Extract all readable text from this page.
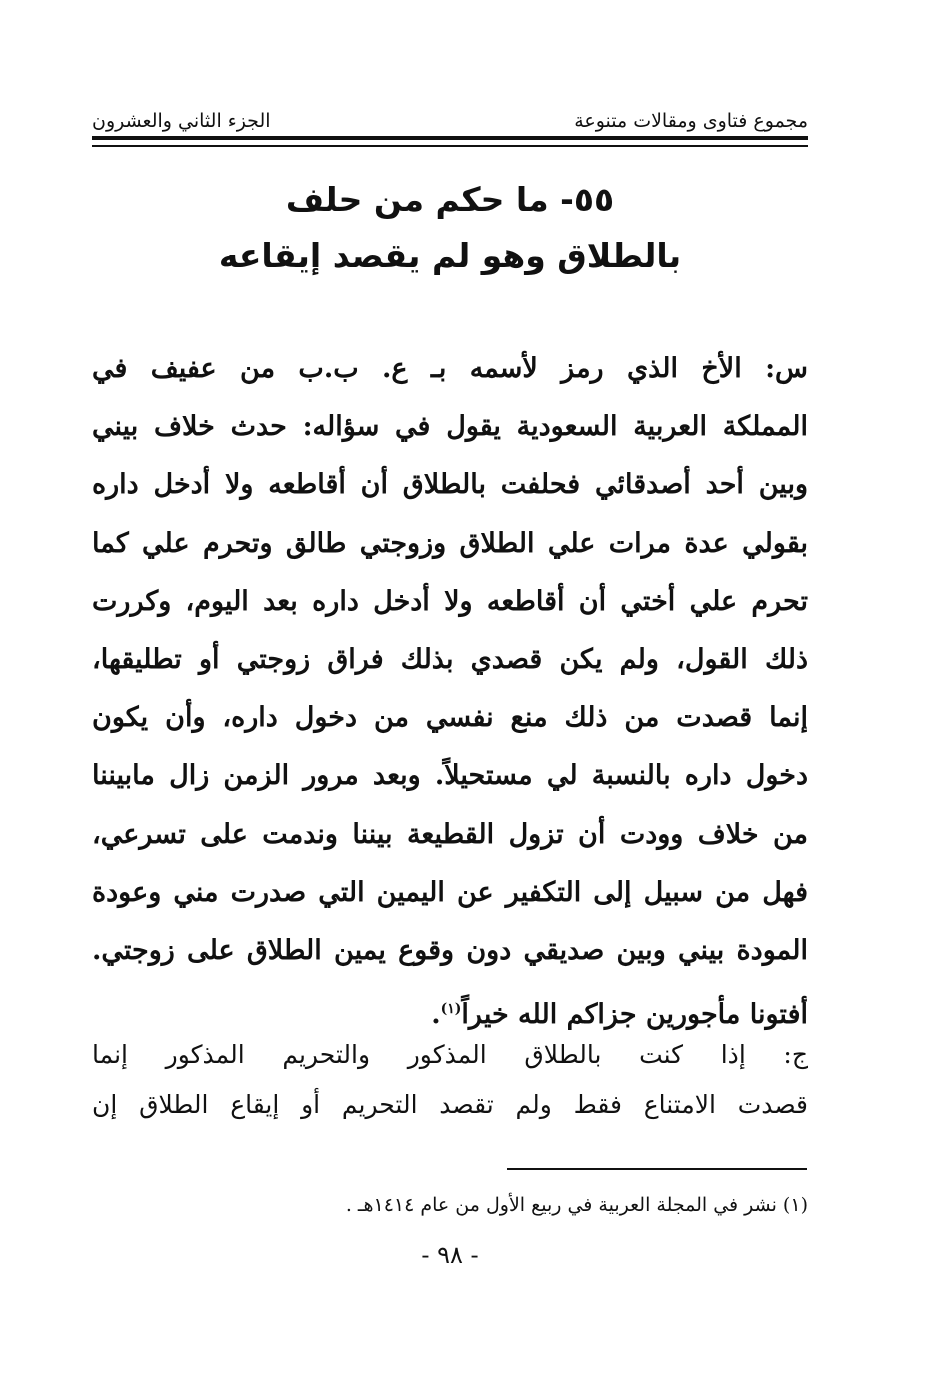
مجموع فتاوى ومقالات متنوعة
الجزء الثاني والعشرون
٥٥- ما حكم من حلف
بالطلاق وهو لم يقصد إيقاعه
س: الأخ الذي رمز لأسمه بـ ع. ب.ب من عفيف في
المملكة العربية السعودية يقول في سؤاله: حدث خلاف بيني
وبين أحد أصدقائي فحلفت بالطلاق أن أقاطعه ولا أدخل داره
بقولي عدة مرات علي الطلاق وزوجتي طالق وتحرم علي كما
تحرم علي أختي أن أقاطعه ولا أدخل داره بعد اليوم، وكررت
ذلك القول، ولم يكن قصدي بذلك فراق زوجتي أو تطليقها،
إنما قصدت من ذلك منع نفسي من دخول داره، وأن يكون
دخول داره بالنسبة لي مستحيلاً. وبعد مرور الزمن زال مابيننا
من خلاف وودت أن تزول القطيعة بيننا وندمت على تسرعي،
فهل من سبيل إلى التكفير عن اليمين التي صدرت مني وعودة
المودة بيني وبين صديقي دون وقوع يمين الطلاق على زوجتي.
أفتونا مأجورين جزاكم الله خيراً$^{(١)}$.
ج: إذا كنت بالطلاق المذكور والتحريم المذكور إنما
قصدت الامتناع فقط ولم تقصد التحريم أو إيقاع الطلاق إن
(١) نشر في المجلة العربية في ربيع الأول من عام ١٤١٤هـ .
- ٩٨ -
